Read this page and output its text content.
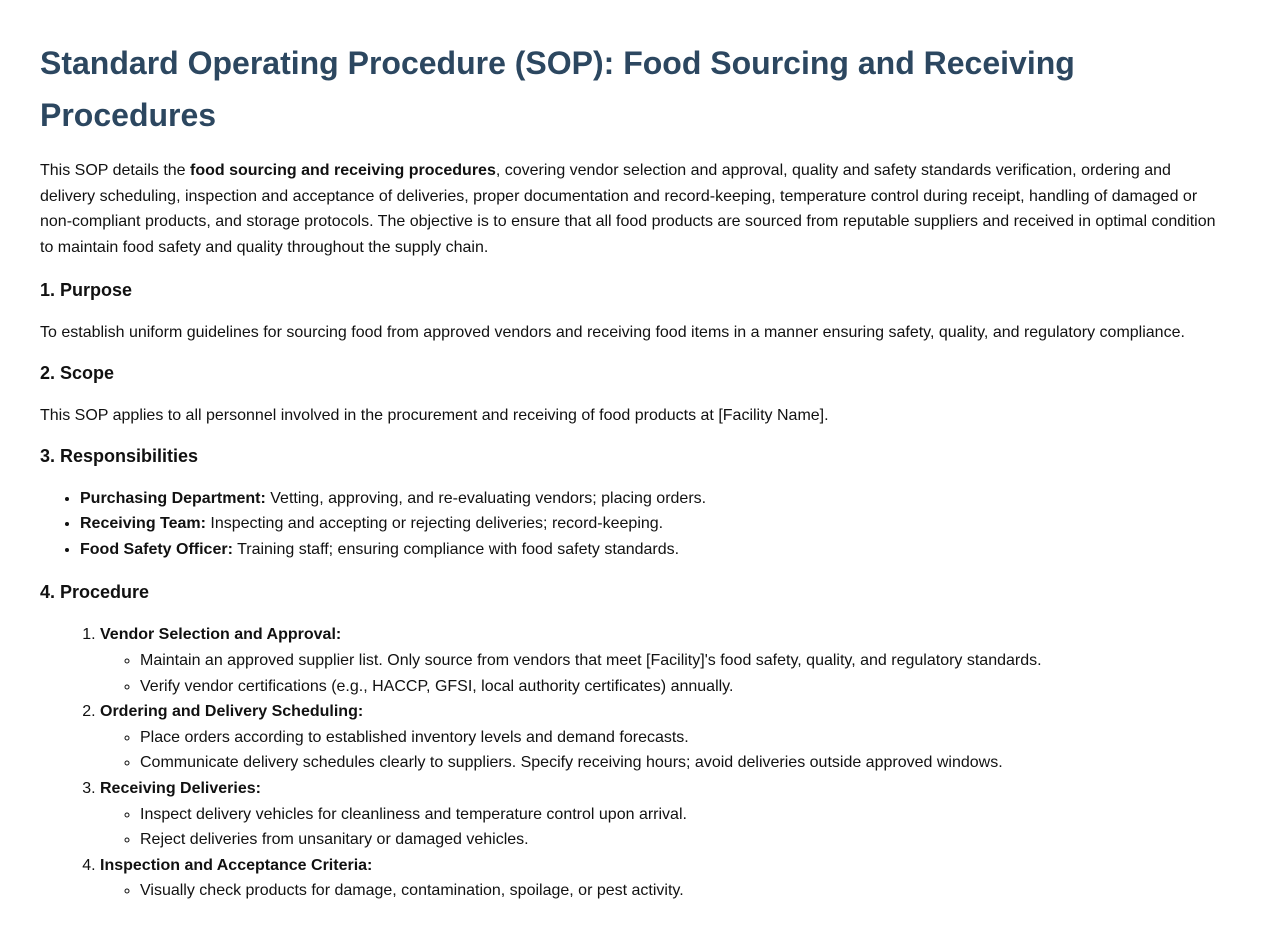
Standard Operating Procedure (SOP): Food Sourcing and Receiving Procedures

This SOP details the food sourcing and receiving procedures, covering vendor selection and approval, quality and safety standards verification, ordering and delivery scheduling, inspection and acceptance of deliveries, proper documentation and record-keeping, temperature control during receipt, handling of damaged or non-compliant products, and storage protocols. The objective is to ensure that all food products are sourced from reputable suppliers and received in optimal condition to maintain food safety and quality throughout the supply chain.

1. Purpose

To establish uniform guidelines for sourcing food from approved vendors and receiving food items in a manner ensuring safety, quality, and regulatory compliance.

2. Scope

This SOP applies to all personnel involved in the procurement and receiving of food products at [Facility Name].

3. Responsibilities
• Purchasing Department: Vetting, approving, and re-evaluating vendors; placing orders.
• Receiving Team: Inspecting and accepting or rejecting deliveries; record-keeping.
• Food Safety Officer: Training staff; ensuring compliance with food safety standards.
4. Procedure
1. Vendor Selection and Approval:
◦ Maintain an approved supplier list. Only source from vendors that meet [Facility]'s food safety, quality, and regulatory standards.
◦ Verify vendor certifications (e.g., HACCP, GFSI, local authority certificates) annually.
2. Ordering and Delivery Scheduling:
◦ Place orders according to established inventory levels and demand forecasts.
◦ Communicate delivery schedules clearly to suppliers. Specify receiving hours; avoid deliveries outside approved windows.
3. Receiving Deliveries:
◦ Inspect delivery vehicles for cleanliness and temperature control upon arrival.
◦ Reject deliveries from unsanitary or damaged vehicles.
4. Inspection and Acceptance Criteria:
◦ Visually check products for damage, contamination, spoilage, or pest activity.
